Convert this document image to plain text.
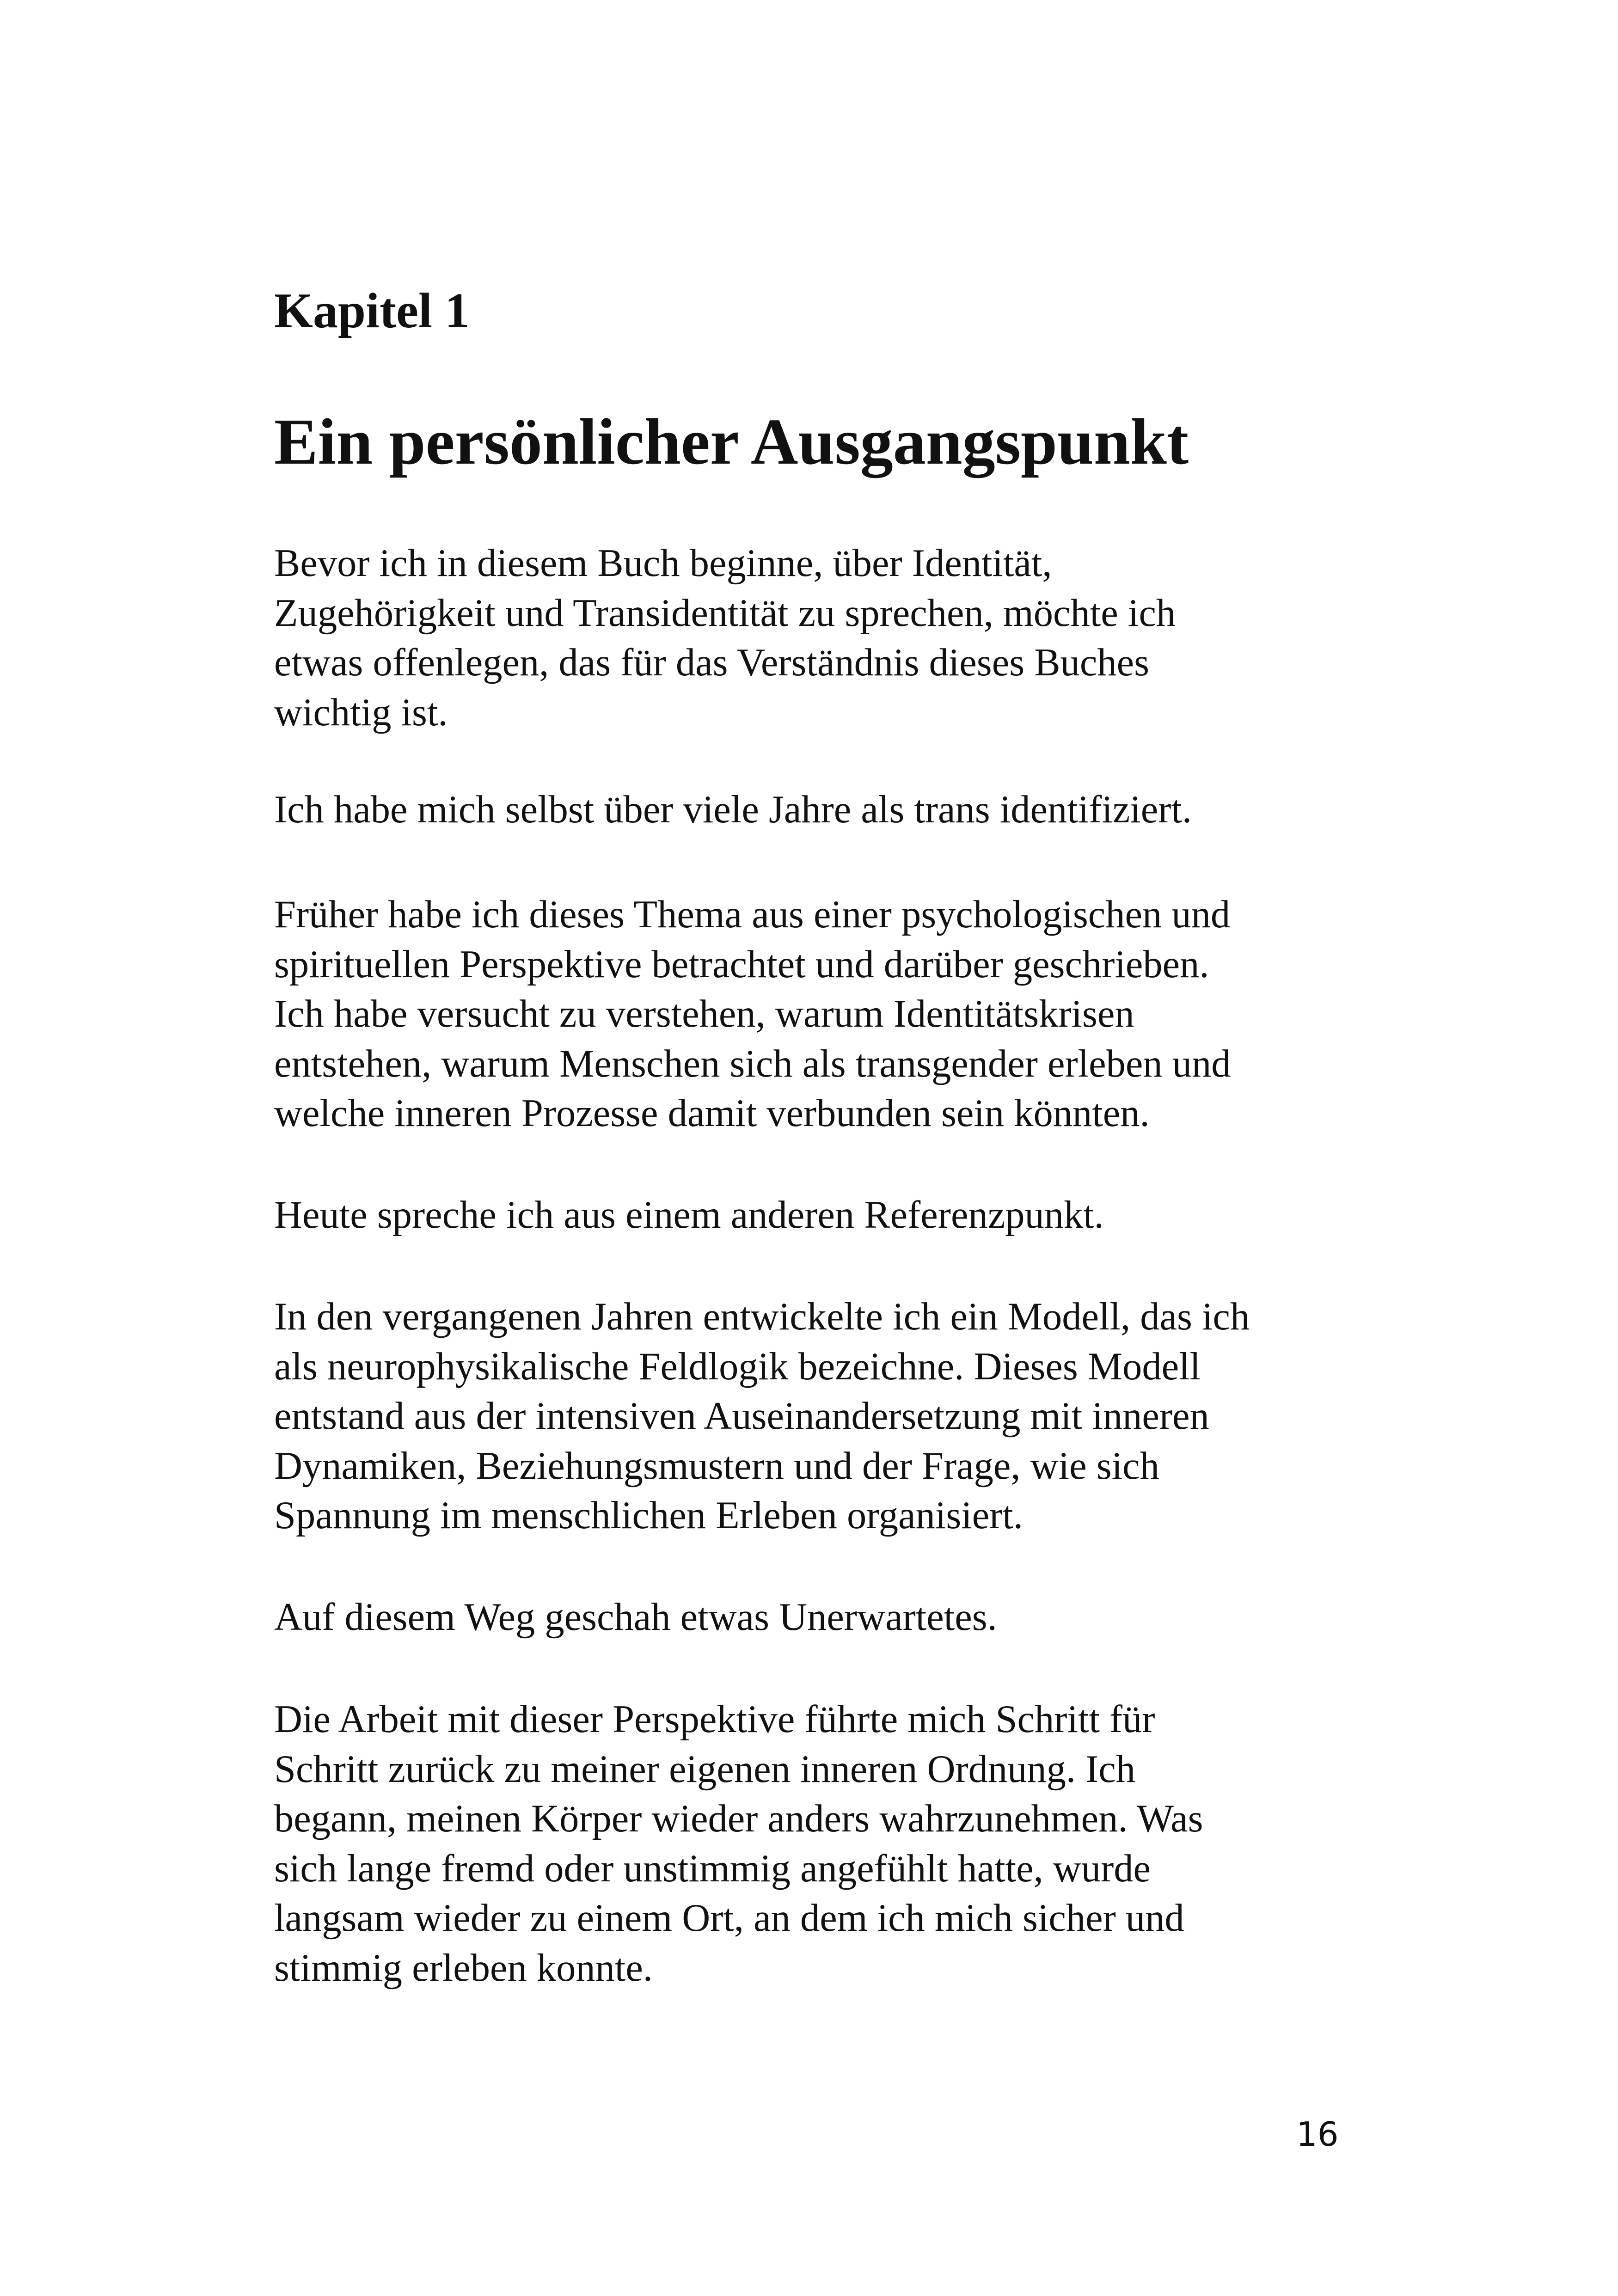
Kapitel 1
Ein persönlicher Ausgangspunkt
Bevor ich in diesem Buch beginne, über Identität,
Zugehörigkeit und Transidentität zu sprechen, möchte ich
etwas offenlegen, das für das Verständnis dieses Buches
wichtig ist.
Ich habe mich selbst über viele Jahre als trans identifiziert.
Früher habe ich dieses Thema aus einer psychologischen und
spirituellen Perspektive betrachtet und darüber geschrieben.
Ich habe versucht zu verstehen, warum Identitätskrisen
entstehen, warum Menschen sich als transgender erleben und
welche inneren Prozesse damit verbunden sein könnten.
Heute spreche ich aus einem anderen Referenzpunkt.
In den vergangenen Jahren entwickelte ich ein Modell, das ich
als neurophysikalische Feldlogik bezeichne. Dieses Modell
entstand aus der intensiven Auseinandersetzung mit inneren
Dynamiken, Beziehungsmustern und der Frage, wie sich
Spannung im menschlichen Erleben organisiert.
Auf diesem Weg geschah etwas Unerwartetes.
Die Arbeit mit dieser Perspektive führte mich Schritt für
Schritt zurück zu meiner eigenen inneren Ordnung. Ich
begann, meinen Körper wieder anders wahrzunehmen. Was
sich lange fremd oder unstimmig angefühlt hatte, wurde
langsam wieder zu einem Ort, an dem ich mich sicher und
stimmig erleben konnte.
16
